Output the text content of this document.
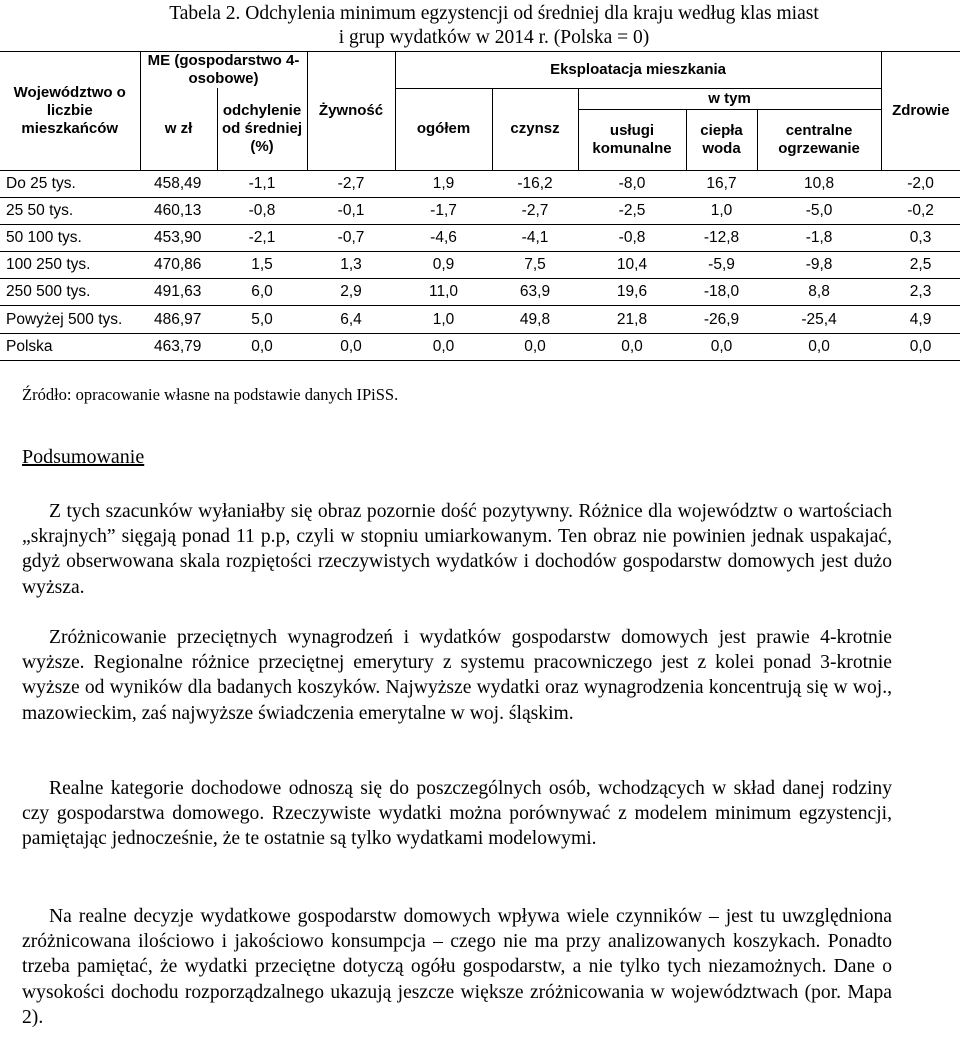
Tabela 2. Odchylenia minimum egzystencji od średniej dla kraju według klas miast
i grup wydatków w 2014 r. (Polska = 0)
Województwo o liczbie mieszkańców	ME (gospodarstwo 4-osobowe)		Żywność	Eksploatacja mieszkania					Zdrowie
	w zł	odchylenie od średniej (%)		ogółem	czynsz	w tym			
						usługi komunalne	ciepła woda	centralne ogrzewanie	
Do 25 tys.	458,49	-1,1	-2,7	1,9	-16,2	-8,0	16,7	10,8	-2,0
25 50 tys.	460,13	-0,8	-0,1	-1,7	-2,7	-2,5	1,0	-5,0	-0,2
50 100 tys.	453,90	-2,1	-0,7	-4,6	-4,1	-0,8	-12,8	-1,8	0,3
100 250 tys.	470,86	1,5	1,3	0,9	7,5	10,4	-5,9	-9,8	2,5
250 500 tys.	491,63	6,0	2,9	11,0	63,9	19,6	-18,0	8,8	2,3
Powyżej 500 tys.	486,97	5,0	6,4	1,0	49,8	21,8	-26,9	-25,4	4,9
Polska	463,79	0,0	0,0	0,0	0,0	0,0	0,0	0,0	0,0
Źródło: opracowanie własne na podstawie danych IPiSS.
Podsumowanie

Z tych szacunków wyłaniałby się obraz pozornie dość pozytywny. Różnice dla województw o wartościach „skrajnych” sięgają ponad 11 p.p, czyli w stopniu umiarkowanym. Ten obraz nie powinien jednak uspakajać, gdyż obserwowana skala rozpiętości rzeczywistych wydatków i dochodów gospodarstw domowych jest dużo wyższa.

Zróżnicowanie przeciętnych wynagrodzeń i wydatków gospodarstw domowych jest prawie 4-krotnie wyższe. Regionalne różnice przeciętnej emerytury z systemu pracowniczego jest z kolei ponad 3-krotnie wyższe od wyników dla badanych koszyków. Najwyższe wydatki oraz wynagrodzenia koncentrują się w woj., mazowieckim, zaś najwyższe świadczenia emerytalne w woj. śląskim.

Realne kategorie dochodowe odnoszą się do poszczególnych osób, wchodzących w skład danej rodziny czy gospodarstwa domowego. Rzeczywiste wydatki można porównywać z modelem minimum egzystencji, pamiętając jednocześnie, że te ostatnie są tylko wydatkami modelowymi.

Na realne decyzje wydatkowe gospodarstw domowych wpływa wiele czynników – jest tu uwzględniona zróżnicowana ilościowo i jakościowo konsumpcja – czego nie ma przy analizowanych koszykach. Ponadto trzeba pamiętać, że wydatki przeciętne dotyczą ogółu gospodarstw, a nie tylko tych niezamożnych. Dane o wysokości dochodu rozporządzalnego ukazują jeszcze większe zróżnicowania w województwach (por. Mapa 2).
